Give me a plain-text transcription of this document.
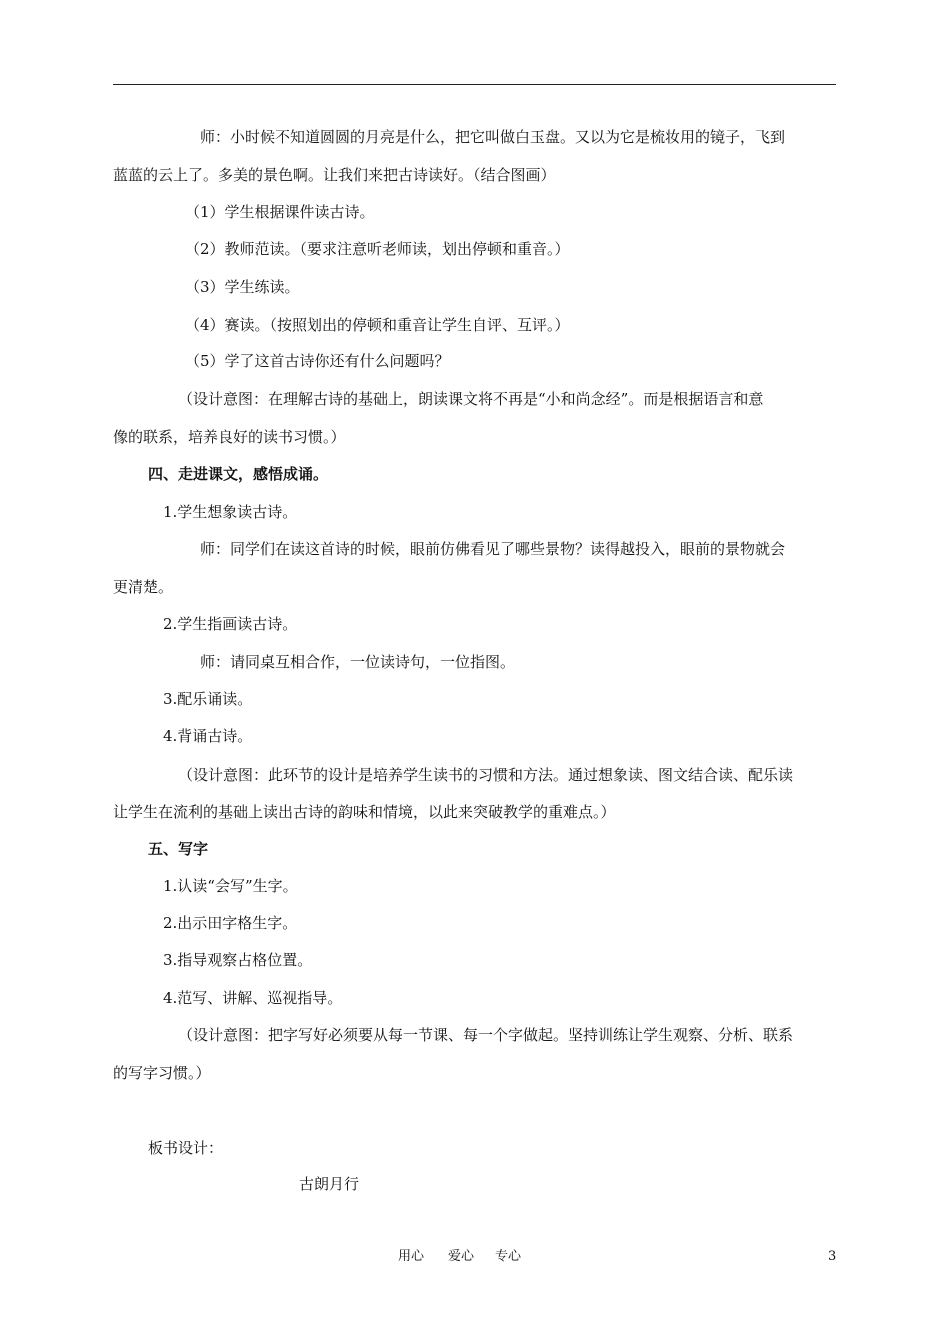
师：小时候不知道圆圆的月亮是什么，把它叫做白玉盘。又以为它是梳妆用的镜子，飞到
蓝蓝的云上了。多美的景色啊。让我们来把古诗读好。（结合图画）
（1）学生根据课件读古诗。
（2）教师范读。（要求注意听老师读，划出停顿和重音。）
（3）学生练读。
（4）赛读。（按照划出的停顿和重音让学生自评、互评。）
（5）学了这首古诗你还有什么问题吗？
（设计意图：在理解古诗的基础上，朗读课文将不再是“小和尚念经”。而是根据语言和意
像的联系，培养良好的读书习惯。）
四、走进课文，感悟成诵。
1.学生想象读古诗。
师：同学们在读这首诗的时候，眼前仿佛看见了哪些景物？读得越投入，眼前的景物就会
更清楚。
2.学生指画读古诗。
师：请同桌互相合作，一位读诗句，一位指图。
3.配乐诵读。
4.背诵古诗。
（设计意图：此环节的设计是培养学生读书的习惯和方法。通过想象读、图文结合读、配乐读
让学生在流利的基础上读出古诗的韵味和情境，以此来突破教学的重难点。）
五、写字
1.认读“会写”生字。
2.出示田字格生字。
3.指导观察占格位置。
4.范写、讲解、巡视指导。
（设计意图：把字写好必须要从每一节课、每一个字做起。坚持训练让学生观察、分析、联系
的写字习惯。）
板书设计：
古朗月行
用心 爱心 专心	3
